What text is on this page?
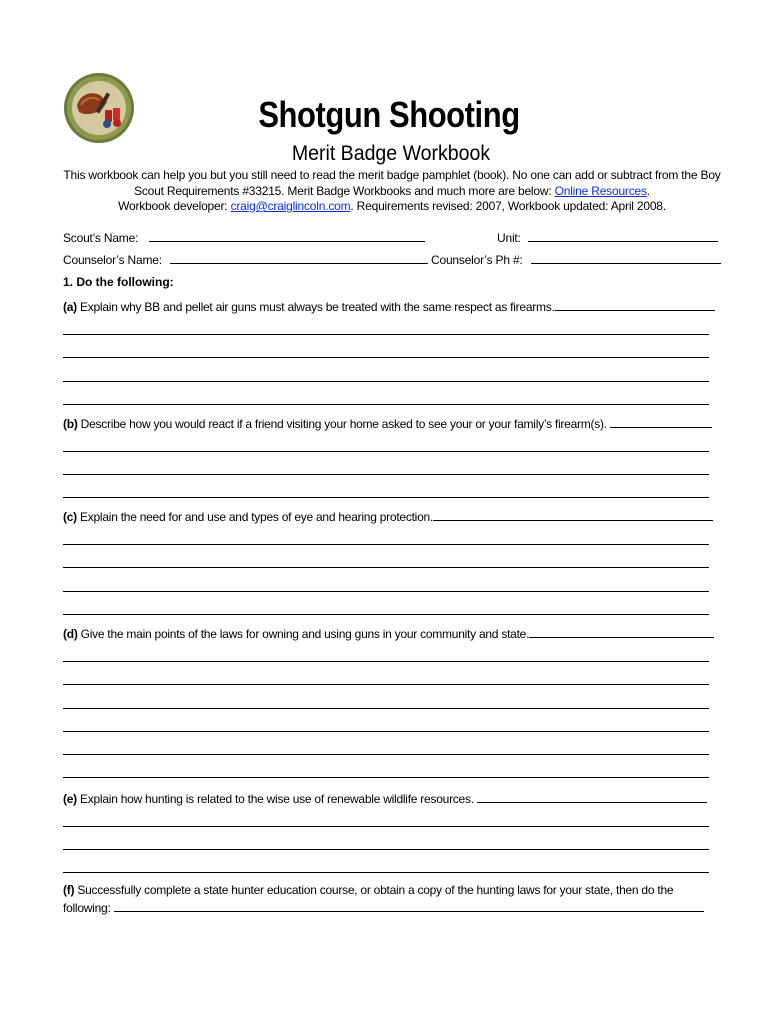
Shotgun Shooting
Merit Badge Workbook
This workbook can help you but you still need to read the merit badge pamphlet (book). No one can add or subtract from the Boy
Scout Requirements #33215. Merit Badge Workbooks and much more are below: Online Resources.
Workbook developer: craig@craiglincoln.com. Requirements revised: 2007, Workbook updated: April 2008.
Scout’s Name:	Unit:
Counselor’s Name:	Counselor’s Ph #:
1. Do the following:
(a) Explain why BB and pellet air guns must always be treated with the same respect as firearms.
(b) Describe how you would react if a friend visiting your home asked to see your or your family’s firearm(s).
(c) Explain the need for and use and types of eye and hearing protection.
(d) Give the main points of the laws for owning and using guns in your community and state.
(e) Explain how hunting is related to the wise use of renewable wildlife resources.
(f) Successfully complete a state hunter education course, or obtain a copy of the hunting laws for your state, then do the
following:
